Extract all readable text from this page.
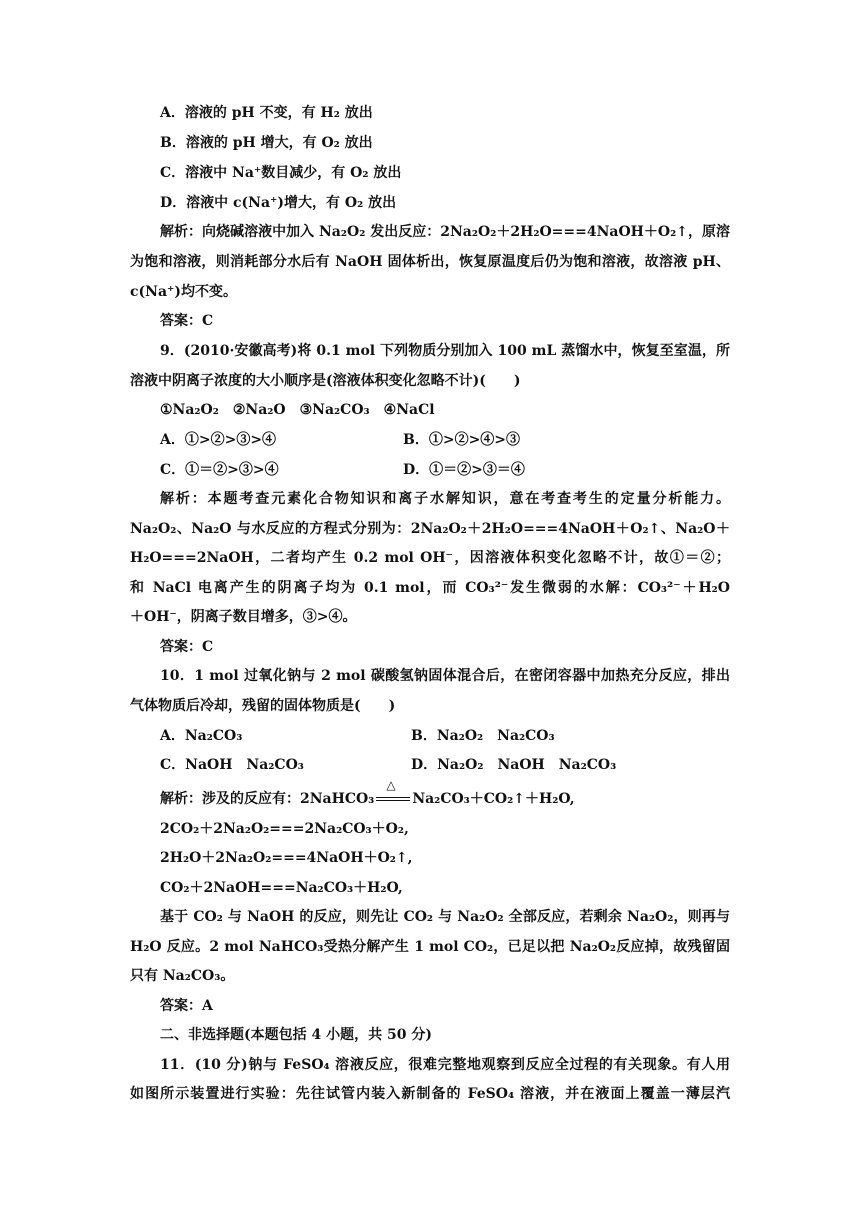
A．溶液的 pH 不变，有 H₂ 放出
B．溶液的 pH 增大，有 O₂ 放出
C．溶液中 Na⁺数目减少，有 O₂ 放出
D．溶液中 c(Na⁺)增大，有 O₂ 放出
解析：向烧碱溶液中加入 Na₂O₂ 发出反应：2Na₂O₂＋2H₂O===4NaOH＋O₂↑，原溶
为饱和溶液，则消耗部分水后有 NaOH 固体析出，恢复原温度后仍为饱和溶液，故溶液 pH、
c(Na⁺)均不变。
答案：C
9．(2010·安徽高考)将 0.1 mol 下列物质分别加入 100 mL 蒸馏水中，恢复至室温，所
溶液中阴离子浓度的大小顺序是(溶液体积变化忽略不计)(　　)
①Na₂O₂　②Na₂O　③Na₂CO₃　④NaCl
A．①>②>③>④	B．①>②>④>③
C．①＝②>③>④	D．①＝②>③＝④
解析：本题考查元素化合物知识和离子水解知识，意在考查考生的定量分析能力。
Na₂O₂、Na₂O 与水反应的方程式分别为：2Na₂O₂＋2H₂O===4NaOH＋O₂↑、Na₂O＋
H₂O===2NaOH，二者均产生 0.2 mol OH⁻，因溶液体积变化忽略不计，故①＝②；
和 NaCl 电离产生的阴离子均为 0.1 mol，而 CO₃²⁻发生微弱的水解：CO₃²⁻＋H₂O　　
＋OH⁻，阴离子数目增多，③>④。
答案：C
10．1 mol 过氧化钠与 2 mol 碳酸氢钠固体混合后，在密闭容器中加热充分反应，排出
气体物质后冷却，残留的固体物质是(　　)
A．Na₂CO₃	B．Na₂O₂　Na₂CO₃
C．NaOH　Na₂CO₃	D．Na₂O₂　NaOH　Na₂CO₃
解析：涉及的反应有：2NaHCO₃
△
Na₂CO₃＋CO₂↑＋H₂O,
2CO₂＋2Na₂O₂===2Na₂CO₃＋O₂,
2H₂O＋2Na₂O₂===4NaOH＋O₂↑,
CO₂＋2NaOH===Na₂CO₃＋H₂O,
基于 CO₂ 与 NaOH 的反应，则先让 CO₂ 与 Na₂O₂ 全部反应，若剩余 Na₂O₂，则再与
H₂O 反应。2 mol NaHCO₃受热分解产生 1 mol CO₂，已足以把 Na₂O₂反应掉，故残留固
只有 Na₂CO₃。
答案：A
二、非选择题(本题包括 4 小题，共 50 分)
11．(10 分)钠与 FeSO₄ 溶液反应，很难完整地观察到反应全过程的有关现象。有人用
如图所示装置进行实验：先往试管内装入新制备的 FeSO₄ 溶液，并在液面上覆盖一薄层汽
